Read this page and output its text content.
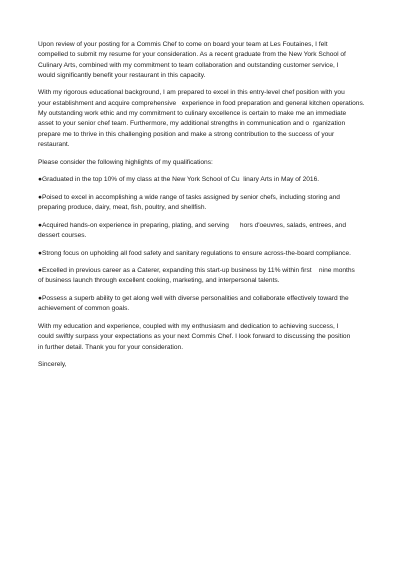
Upon review of your posting for a Commis Chef to come on board your team at Les Foutaines, I felt
compelled to submit my resume for your consideration. As a recent graduate from the New York School of
Culinary Arts, combined with my commitment to team collaboration and outstanding customer service, I
would significantly benefit your restaurant in this capacity.
With my rigorous educational background, I am prepared to excel in this entry-level chef position with you
your establishment and acquire comprehensive   experience in food preparation and general kitchen operations.
My outstanding work ethic and my commitment to culinary excellence is certain to make me an immediate
asset to your senior chef team. Furthermore, my additional strengths in communication and o  rganization
prepare me to thrive in this challenging position and make a strong contribution to the success of your
restaurant.
Please consider the following highlights of my qualifications:
●Graduated in the top 10% of my class at the New York School of Cu  linary Arts in May of 2016.
●Poised to excel in accomplishing a wide range of tasks assigned by senior chefs, including storing and
preparing produce, dairy, meat, fish, poultry, and shellfish.
●Acquired hands-on experience in preparing, plating, and serving      hors d'oeuvres, salads, entrees, and
dessert courses.
●Strong focus on upholding all food safety and sanitary regulations to ensure across-the-board compliance.
●Excelled in previous career as a Caterer, expanding this start-up business by 11% within first    nine months
of business launch through excellent cooking, marketing, and interpersonal talents.
●Possess a superb ability to get along well with diverse personalities and collaborate effectively toward the
achievement of common goals.
With my education and experience, coupled with my enthusiasm and dedication to achieving success, I
could swiftly surpass your expectations as your next Commis Chef. I look forward to discussing the position
in further detail. Thank you for your consideration.
Sincerely,
